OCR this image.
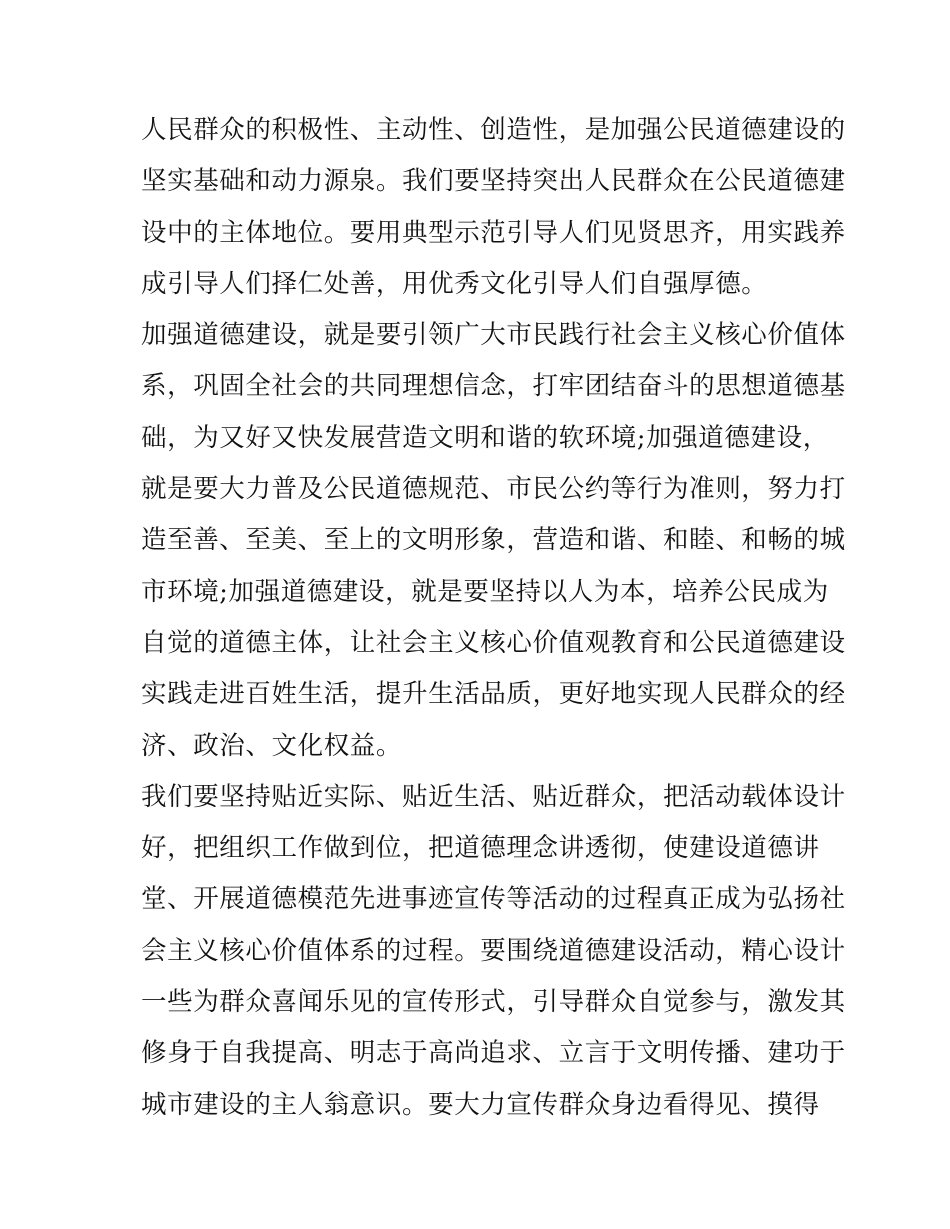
人民群众的积极性、主动性、创造性，是加强公民道德建设的
坚实基础和动力源泉。我们要坚持突出人民群众在公民道德建
设中的主体地位。要用典型示范引导人们见贤思齐，用实践养
成引导人们择仁处善，用优秀文化引导人们自强厚德。
加强道德建设，就是要引领广大市民践行社会主义核心价值体
系，巩固全社会的共同理想信念，打牢团结奋斗的思想道德基
础，为又好又快发展营造文明和谐的软环境;加强道德建设，
就是要大力普及公民道德规范、市民公约等行为准则，努力打
造至善、至美、至上的文明形象，营造和谐、和睦、和畅的城
市环境;加强道德建设，就是要坚持以人为本，培养公民成为
自觉的道德主体，让社会主义核心价值观教育和公民道德建设
实践走进百姓生活，提升生活品质，更好地实现人民群众的经
济、政治、文化权益。
我们要坚持贴近实际、贴近生活、贴近群众，把活动载体设计
好，把组织工作做到位，把道德理念讲透彻，使建设道德讲
堂、开展道德模范先进事迹宣传等活动的过程真正成为弘扬社
会主义核心价值体系的过程。要围绕道德建设活动，精心设计
一些为群众喜闻乐见的宣传形式，引导群众自觉参与，激发其
修身于自我提高、明志于高尚追求、立言于文明传播、建功于
城市建设的主人翁意识。要大力宣传群众身边看得见、摸得
